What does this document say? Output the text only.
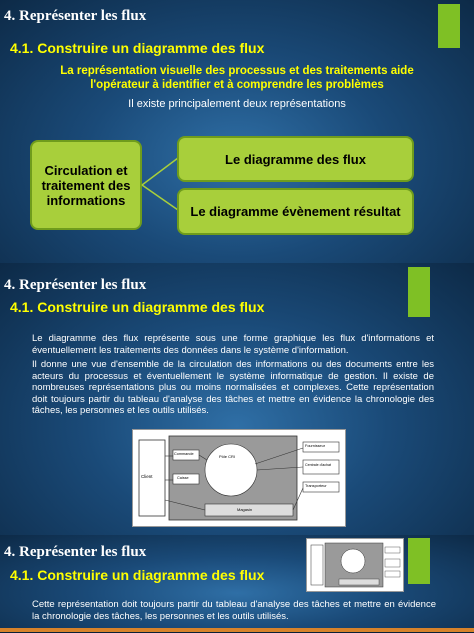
4. Représenter les flux
4.1. Construire un diagramme des flux
La représentation visuelle des processus et des traitements aide
l'opérateur à identifier et à comprendre les problèmes
Il existe principalement deux représentations
Circulation et
traitement des
informations
Le diagramme des flux
Le diagramme évènement résultat
4. Représenter les flux
4.1. Construire un diagramme des flux
Le diagramme des flux représente sous une forme graphique les flux d'informations et éventuellement les traitements des données dans le système d'information.
Il donne une vue d'ensemble de la circulation des informations ou des documents entre les acteurs du processus et éventuellement le système informatique de gestion. Il existe de nombreuses représentations plus ou moins normalisées et complexes. Cette représentation doit toujours partir du tableau d'analyse des tâches et mettre en évidence la chronologie des tâches, les personnes et les outils utilisés.
BUT SA
Client
Commande
Caisse
Pôle CRI
Magasin
Fournisseur
Centrale d'achat
Transporteur
4. Représenter les flux
4.1. Construire un diagramme des flux
BUT SA
Cette représentation doit toujours partir du tableau d'analyse des tâches et mettre en évidence la chronologie des tâches, les personnes et les outils utilisés.
